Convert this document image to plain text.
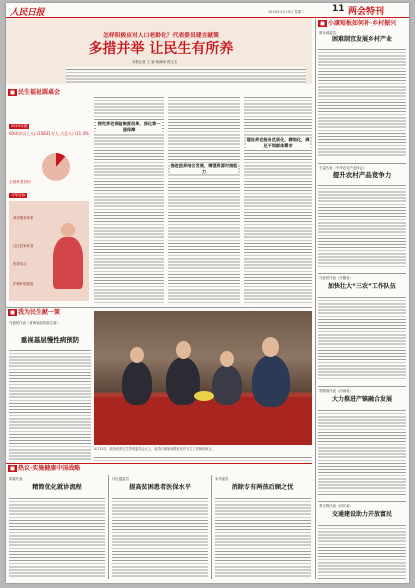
人民日报	2016年3月15日 星期二	11 两会特刊
怎样积极应对人口老龄化？代表委员建言献策
多措并举 让民生有所养
本报记者 王 斌 杨润雨 蒋文玉
◼ 民生福祉圆桌会
2015年底
60周岁以上人口15831万人 占总人口11.4%
全国养老机构
今年目标
养老服务体系
社区居家养老
医养结合
护理补贴制度
探究养老保险制度改革，深化第一道保障
推进医养结合发展，增强资源对接能力
建设养老服务优质化、精细化，满足不同群体需求
◼ 小康短板如何补·乡村振兴
廖永林委员
困难制宜发展乡村产业
王益代表（中华农业产业协会）
提升农村产品竞争力
马爱民代表（安徽省）
加快壮大“三农”工作队伍
蔡德清代表（河南省）
大力推进产镇融合发展
李文明代表（四川省）
交通建设助力开放富民
◼ 我为民生献一策
马福民代表（青海省政协副主席）
重视基层慢性病预防
3月13日，政协医药卫生界别委员会议上，委员们就如何做好医疗卫生工作畅所欲言。
◼ 热议·实施健康中国战略
陈斌代表
精简优化就诊流程
闫红霞委员
提高贫困患者医保水平
宋华委员
消除专有两孩后顾之忧
